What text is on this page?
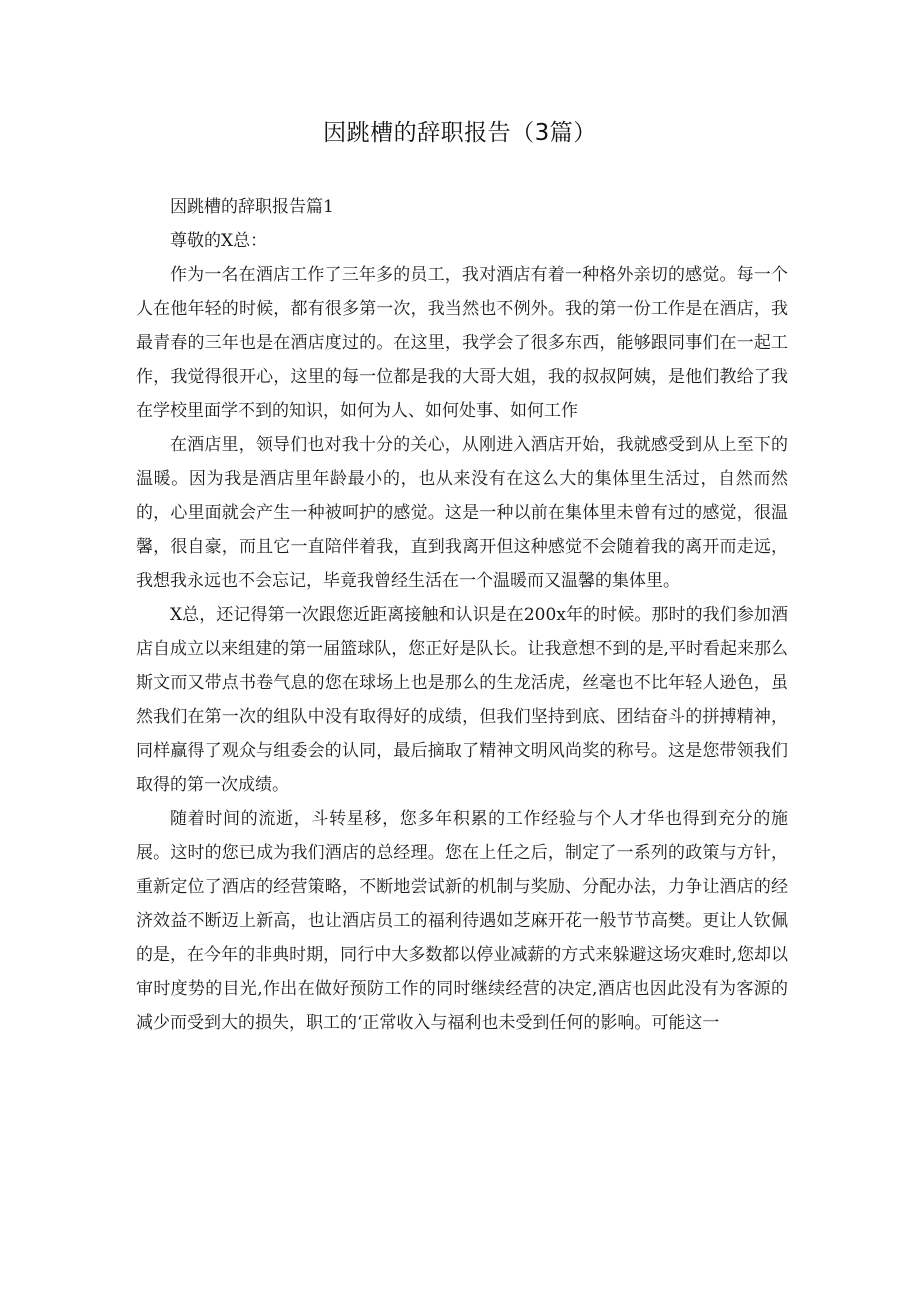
因跳槽的辞职报告（3篇）

因跳槽的辞职报告篇1

尊敬的X总：

作为一名在酒店工作了三年多的员工，我对酒店有着一种格外亲切的感觉。每一个人在他年轻的时候，都有很多第一次，我当然也不例外。我的第一份工作是在酒店，我最青春的三年也是在酒店度过的。在这里，我学会了很多东西，能够跟同事们在一起工作，我觉得很开心，这里的每一位都是我的大哥大姐，我的叔叔阿姨，是他们教给了我在学校里面学不到的知识，如何为人、如何处事、如何工作

在酒店里，领导们也对我十分的关心，从刚进入酒店开始，我就感受到从上至下的温暖。因为我是酒店里年龄最小的，也从来没有在这么大的集体里生活过，自然而然的，心里面就会产生一种被呵护的感觉。这是一种以前在集体里未曾有过的感觉，很温馨，很自豪，而且它一直陪伴着我，直到我离开但这种感觉不会随着我的离开而走远，我想我永远也不会忘记，毕竟我曾经生活在一个温暖而又温馨的集体里。

X总，还记得第一次跟您近距离接触和认识是在200x年的时候。那时的我们参加酒店自成立以来组建的第一届篮球队，您正好是队长。让我意想不到的是,平时看起来那么斯文而又带点书卷气息的您在球场上也是那么的生龙活虎，丝毫也不比年轻人逊色，虽然我们在第一次的组队中没有取得好的成绩，但我们坚持到底、团结奋斗的拼搏精神，同样赢得了观众与组委会的认同，最后摘取了精神文明风尚奖的称号。这是您带领我们取得的第一次成绩。

随着时间的流逝，斗转星移，您多年积累的工作经验与个人才华也得到充分的施展。这时的您已成为我们酒店的总经理。您在上任之后，制定了一系列的政策与方针，重新定位了酒店的经营策略，不断地尝试新的机制与奖励、分配办法，力争让酒店的经济效益不断迈上新高，也让酒店员工的福利待遇如芝麻开花一般节节高樊。更让人钦佩的是，在今年的非典时期，同行中大多数都以停业减薪的方式来躲避这场灾难时,您却以审时度势的目光,作出在做好预防工作的同时继续经营的决定,酒店也因此没有为客源的减少而受到大的损失，职工的‘正常收入与福利也未受到任何的影响。可能这一
